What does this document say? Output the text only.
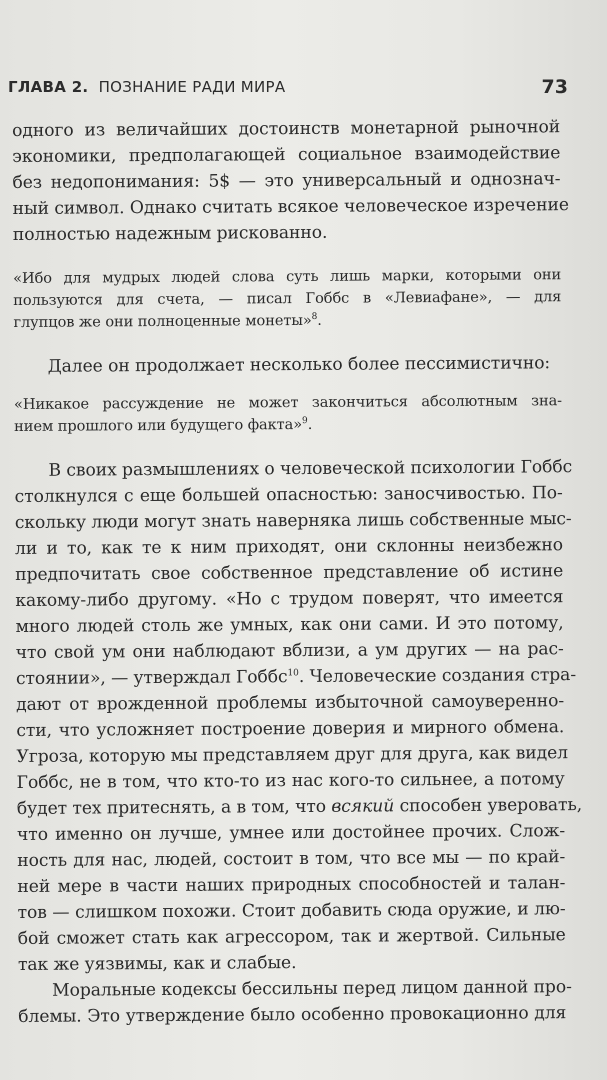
ГЛАВА 2. ПОЗНАНИЕ РАДИ МИРА	73
одного из величайших достоинств монетарной рыночной
экономики, предполагающей социальное взаимодействие
без недопонимания: 5$ — это универсальный и однознач-
ный символ. Однако считать всякое человеческое изречение
полностью надежным рискованно.
«Ибо для мудрых людей слова суть лишь марки, которыми они
пользуются для счета, — писал Гоббс в «Левиафане», — для
глупцов же они полноценные монеты»$^8$.
Далее он продолжает несколько более пессимистично:
«Никакое рассуждение не может закончиться абсолютным зна-
нием прошлого или будущего факта»$^9$.
В своих размышлениях о человеческой психологии Гоббс
столкнулся с еще большей опасностью: заносчивостью. По-
скольку люди могут знать наверняка лишь собственные мыс-
ли и то, как те к ним приходят, они склонны неизбежно
предпочитать свое собственное представление об истине
какому-либо другому. «Но с трудом поверят, что имеется
много людей столь же умных, как они сами. И это потому,
что свой ум они наблюдают вблизи, а ум других — на рас-
стоянии», — утверждал Гоббс$^{10}$. Человеческие создания стра-
дают от врожденной проблемы избыточной самоуверенно-
сти, что усложняет построение доверия и мирного обмена.
Угроза, которую мы представляем друг для друга, как видел
Гоббс, не в том, что кто-то из нас кого-то сильнее, а потому
будет тех притеснять, а в том, что всякий способен уверовать,
что именно он лучше, умнее или достойнее прочих. Слож-
ность для нас, людей, состоит в том, что все мы — по край-
ней мере в части наших природных способностей и талан-
тов — слишком похожи. Стоит добавить сюда оружие, и лю-
бой сможет стать как агрессором, так и жертвой. Сильные
так же уязвимы, как и слабые.
Моральные кодексы бессильны перед лицом данной про-
блемы. Это утверждение было особенно провокационно для
